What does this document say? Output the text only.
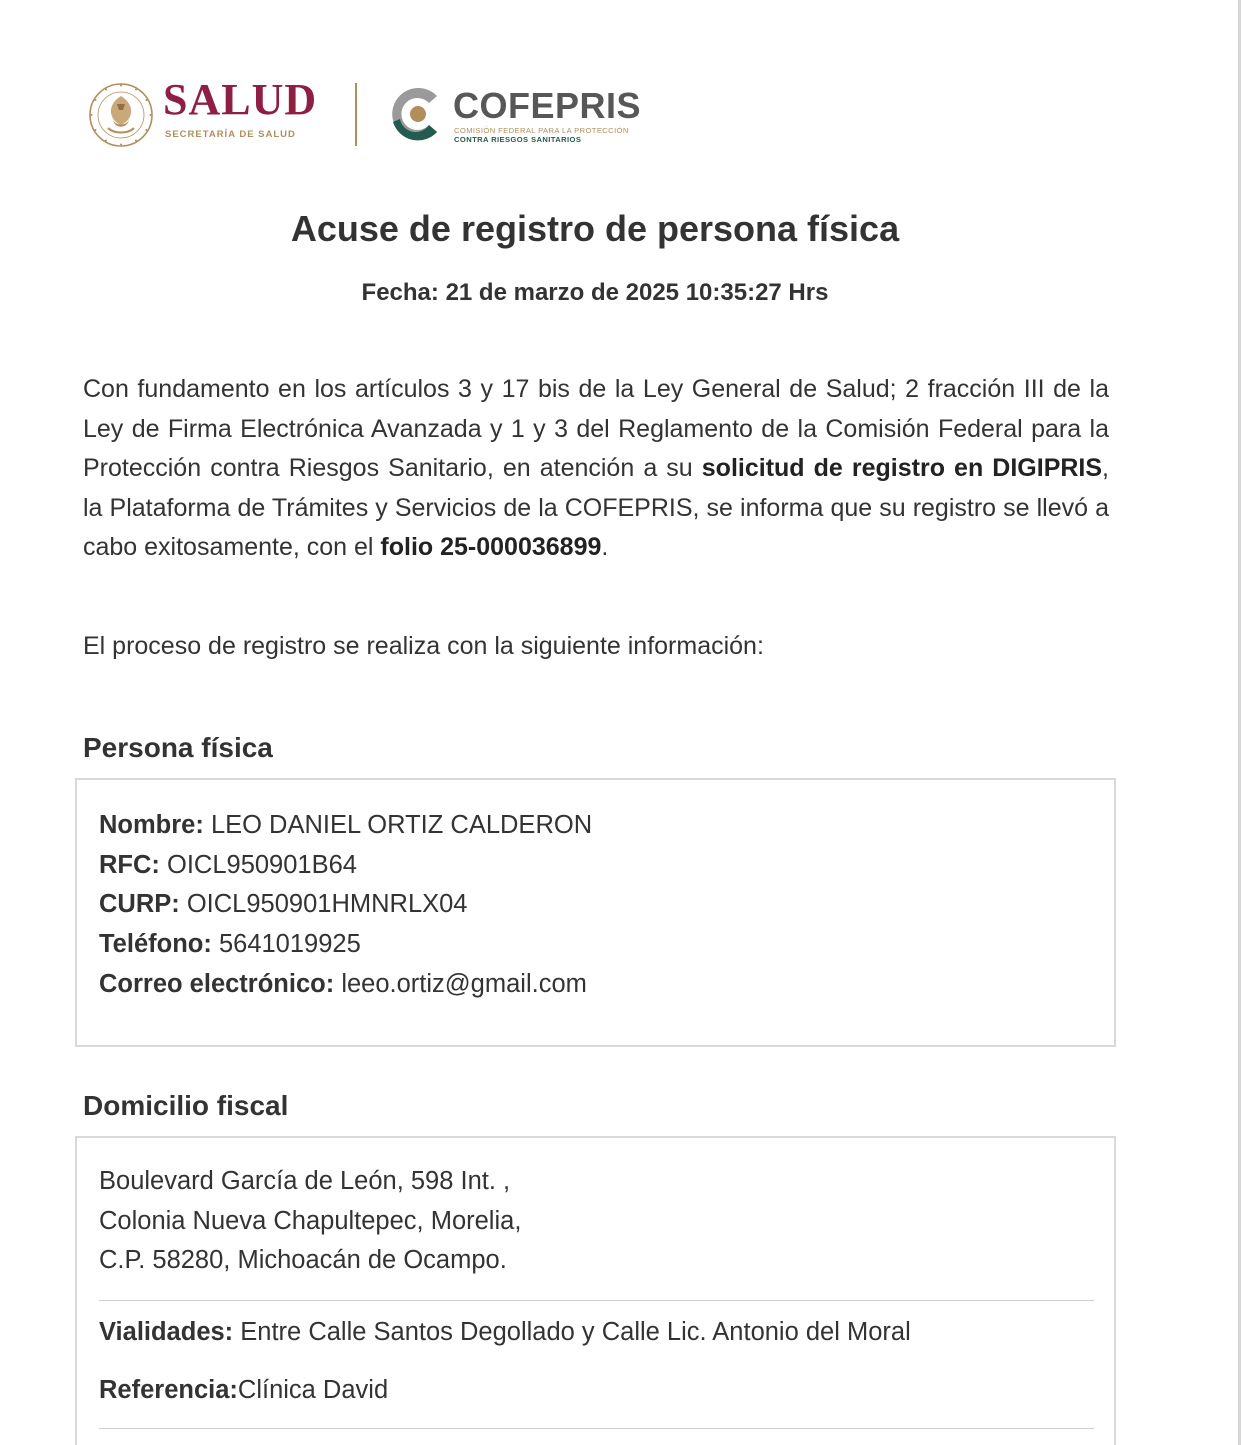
SALUD
SECRETARÍA DE SALUD
COFEPRIS
COMISIÓN FEDERAL PARA LA PROTECCIÓN
CONTRA RIESGOS SANITARIOS
Acuse de registro de persona física
Fecha: 21 de marzo de 2025 10:35:27 Hrs

Con fundamento en los artículos 3 y 17 bis de la Ley General de Salud; 2 fracción III de la Ley de Firma Electrónica Avanzada y 1 y 3 del Reglamento de la Comisión Federal para la Protección contra Riesgos Sanitario, en atención a su solicitud de registro en DIGIPRIS, la Plataforma de Trámites y Servicios de la COFEPRIS, se informa que su registro se llevó a cabo exitosamente, con el folio 25-000036899.

El proceso de registro se realiza con la siguiente información:

Persona física
Nombre: LEO DANIEL ORTIZ CALDERON
RFC: OICL950901B64
CURP: OICL950901HMNRLX04
Teléfono: 5641019925
Correo electrónico: leeo.ortiz@gmail.com
Domicilio fiscal
Boulevard García de León, 598 Int. ,
Colonia Nueva Chapultepec, Morelia,
C.P. 58280, Michoacán de Ocampo.
Vialidades: Entre Calle Santos Degollado y Calle Lic. Antonio del Moral
Referencia:Clínica David
